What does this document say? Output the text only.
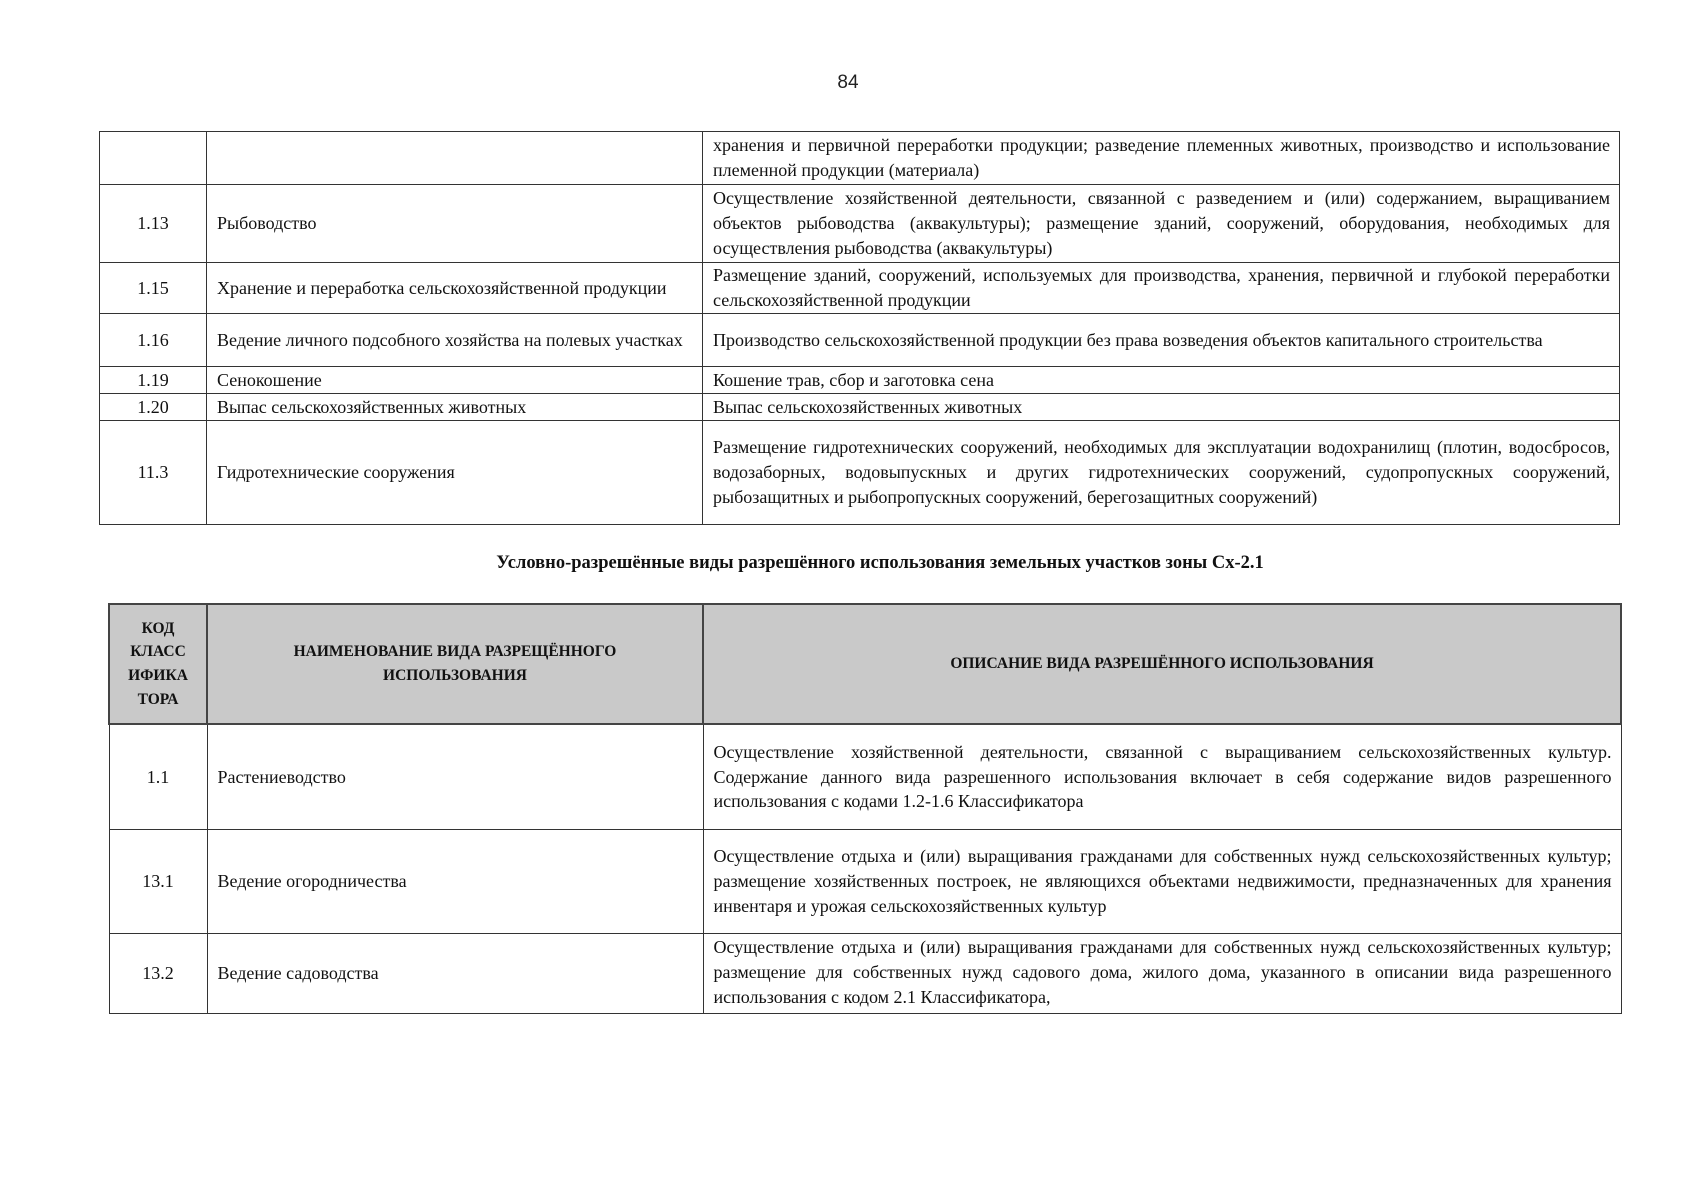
84
		хранения и первичной переработки продукции; разведение племенных животных, производство и использование племенной продукции (материала)
1.13	Рыбоводство	Осуществление хозяйственной деятельности, связанной с разведением и (или) содержанием, выращиванием объектов рыбоводства (аквакультуры); размещение зданий, сооружений, оборудования, необходимых для осуществления рыбоводства (аквакультуры)
1.15	Хранение и переработка сельскохозяйственной продукции	Размещение зданий, сооружений, используемых для производства, хранения, первичной и глубокой переработки сельскохозяйственной продукции
1.16	Ведение личного подсобного хозяйства на полевых участках	Производство сельскохозяйственной продукции без права возведения объектов капитального строительства
1.19	Сенокошение	Кошение трав, сбор и заготовка сена
1.20	Выпас сельскохозяйственных животных	Выпас сельскохозяйственных животных
11.3	Гидротехнические сооружения	Размещение гидротехнических сооружений, необходимых для эксплуатации водохранилищ (плотин, водосбросов, водозаборных, водовыпускных и других гидротехнических сооружений, судопропускных сооружений, рыбозащитных и рыбопропускных сооружений, берегозащитных сооружений)
Условно-разрешённые виды разрешённого использования земельных участков зоны Сх-2.1
КОД КЛАСС ИФИКА ТОРА	НАИМЕНОВАНИЕ ВИДА РАЗРЕЩЁННОГО ИСПОЛЬЗОВАНИЯ	ОПИСАНИЕ ВИДА РАЗРЕШЁННОГО ИСПОЛЬЗОВАНИЯ
1.1	Растениеводство	Осуществление хозяйственной деятельности, связанной с выращиванием сельскохозяйственных культур. Содержание данного вида разрешенного использования включает в себя содержание видов разрешенного использования с кодами 1.2-1.6 Классификатора
13.1	Ведение огородничества	Осуществление отдыха и (или) выращивания гражданами для собственных нужд сельскохозяйственных культур; размещение хозяйственных построек, не являющихся объектами недвижимости, предназначенных для хранения инвентаря и урожая сельскохозяйственных культур
13.2	Ведение садоводства	Осуществление отдыха и (или) выращивания гражданами для собственных нужд сельскохозяйственных культур; размещение для собственных нужд садового дома, жилого дома, указанного в описании вида разрешенного использования с кодом 2.1 Классификатора,
